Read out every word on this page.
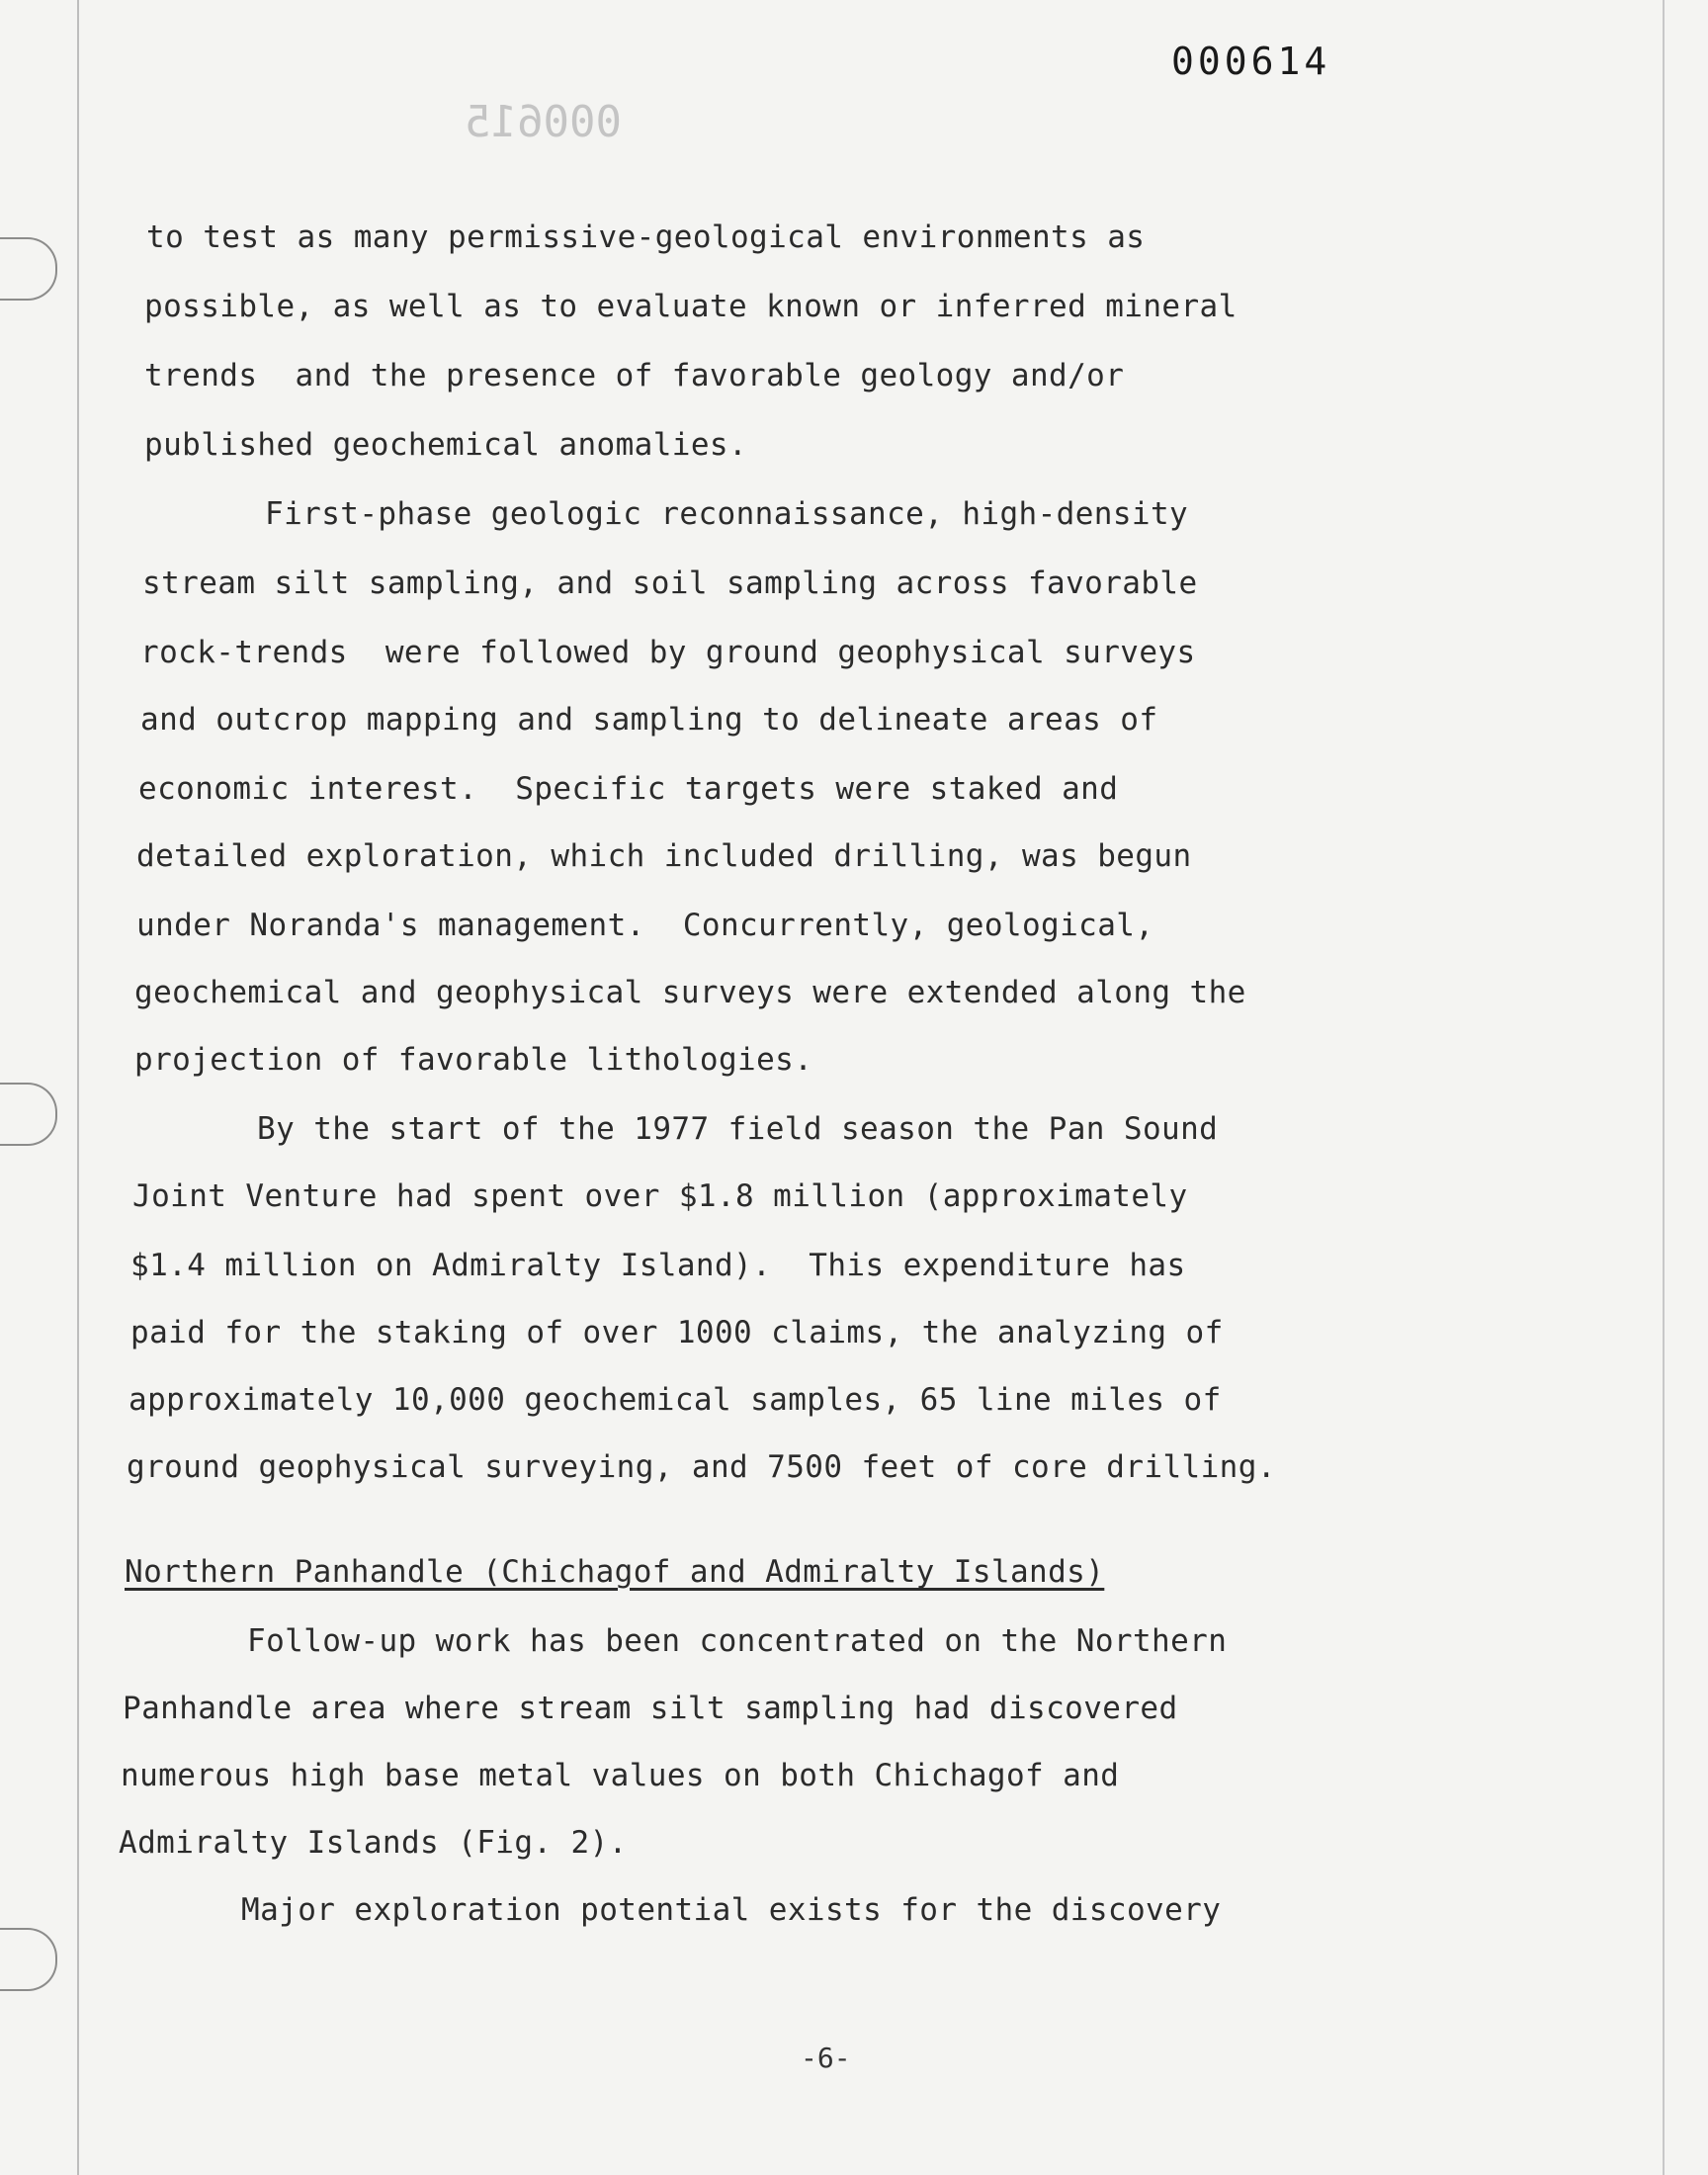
000614
000615
to test as many permissive-geological environments as
possible, as well as to evaluate known or inferred mineral
trends  and the presence of favorable geology and/or
published geochemical anomalies.
First-phase geologic reconnaissance, high-density
stream silt sampling, and soil sampling across favorable
rock-trends  were followed by ground geophysical surveys
and outcrop mapping and sampling to delineate areas of
economic interest.  Specific targets were staked and
detailed exploration, which included drilling, was begun
under Noranda's management.  Concurrently, geological,
geochemical and geophysical surveys were extended along the
projection of favorable lithologies.
By the start of the 1977 field season the Pan Sound
Joint Venture had spent over $1.8 million (approximately
$1.4 million on Admiralty Island).  This expenditure has
paid for the staking of over 1000 claims, the analyzing of
approximately 10,000 geochemical samples, 65 line miles of
ground geophysical surveying, and 7500 feet of core drilling.
Northern Panhandle (Chichagof and Admiralty Islands)
Follow-up work has been concentrated on the Northern
Panhandle area where stream silt sampling had discovered
numerous high base metal values on both Chichagof and
Admiralty Islands (Fig. 2).
Major exploration potential exists for the discovery
-6-
